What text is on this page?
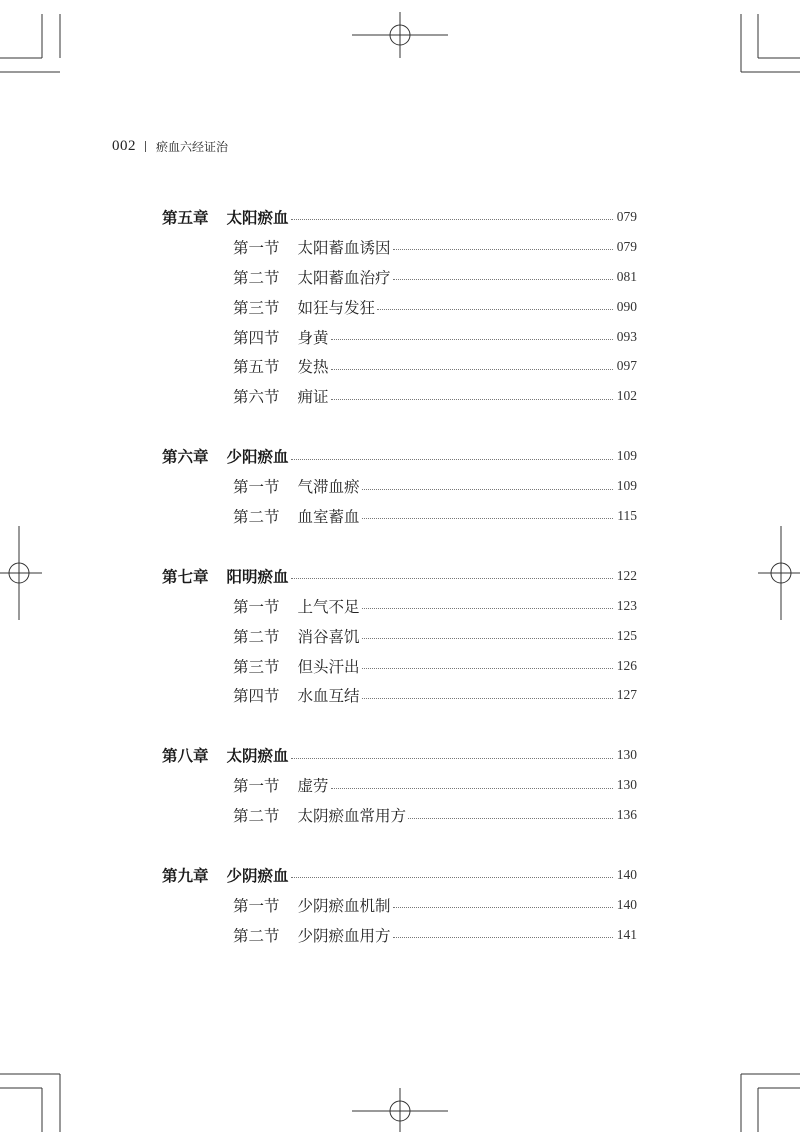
002 瘀血六经证治
第五章 太阳瘀血	079
第一节 太阳蓄血诱因	079
第二节 太阳蓄血治疗	081
第三节 如狂与发狂	090
第四节 身黄	093
第五节 发热	097
第六节 痈证	102
第六章 少阳瘀血	109
第一节 气滞血瘀	109
第二节 血室蓄血	115
第七章 阳明瘀血	122
第一节 上气不足	123
第二节 消谷喜饥	125
第三节 但头汗出	126
第四节 水血互结	127
第八章 太阴瘀血	130
第一节 虚劳	130
第二节 太阴瘀血常用方	136
第九章 少阴瘀血	140
第一节 少阴瘀血机制	140
第二节 少阴瘀血用方	141
